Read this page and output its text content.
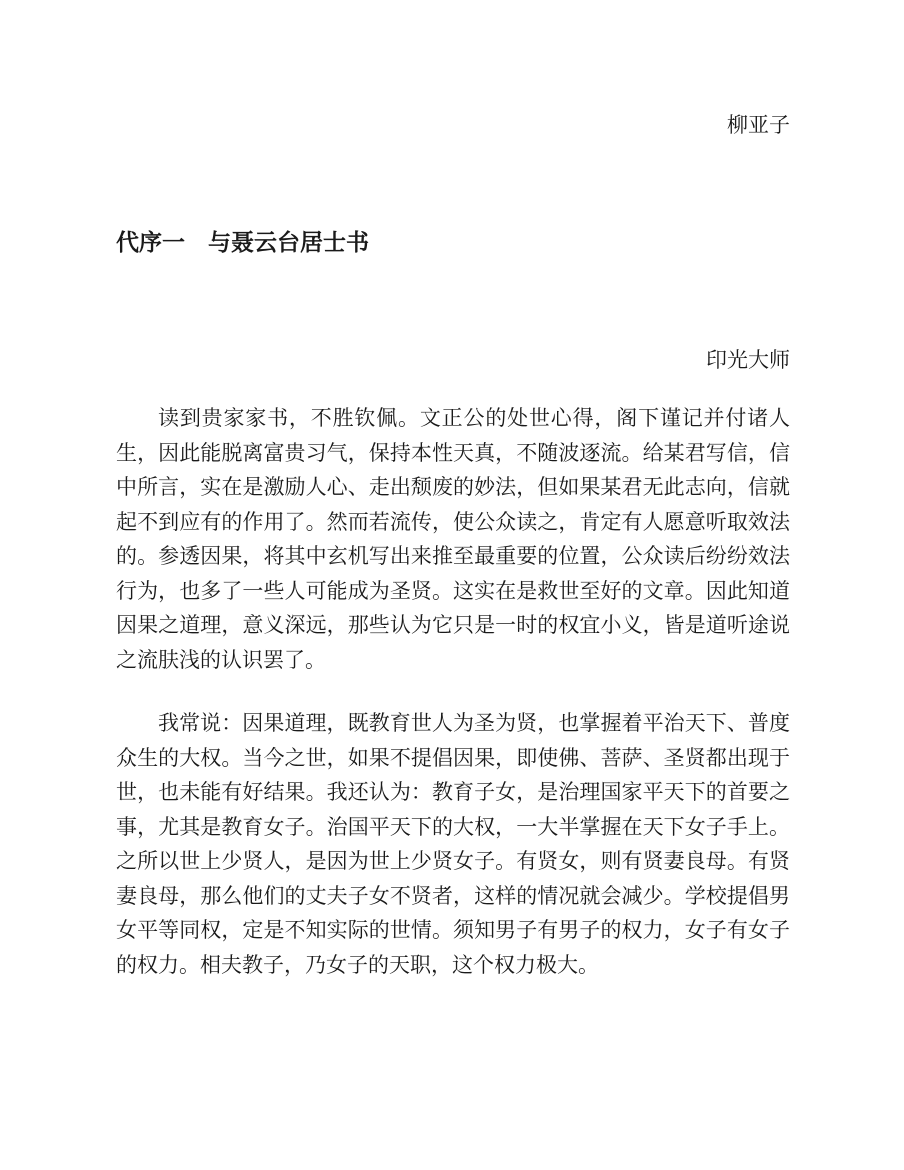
柳亚子
代序一　与聂云台居士书
印光大师

读到贵家家书，不胜钦佩。文正公的处世心得，阁下谨记并付诸人生，因此能脱离富贵习气，保持本性天真，不随波逐流。给某君写信，信中所言，实在是激励人心、走出颓废的妙法，但如果某君无此志向，信就起不到应有的作用了。然而若流传，使公众读之，肯定有人愿意听取效法的。参透因果，将其中玄机写出来推至最重要的位置，公众读后纷纷效法行为，也多了一些人可能成为圣贤。这实在是救世至好的文章。因此知道因果之道理，意义深远，那些认为它只是一时的权宜小义，皆是道听途说之流肤浅的认识罢了。

我常说：因果道理，既教育世人为圣为贤，也掌握着平治天下、普度众生的大权。当今之世，如果不提倡因果，即使佛、菩萨、圣贤都出现于世，也未能有好结果。我还认为：教育子女，是治理国家平天下的首要之事，尤其是教育女子。治国平天下的大权，一大半掌握在天下女子手上。之所以世上少贤人，是因为世上少贤女子。有贤女，则有贤妻良母。有贤妻良母，那么他们的丈夫子女不贤者，这样的情况就会减少。学校提倡男女平等同权，定是不知实际的世情。须知男子有男子的权力，女子有女子的权力。相夫教子，乃女子的天职，这个权力极大。
